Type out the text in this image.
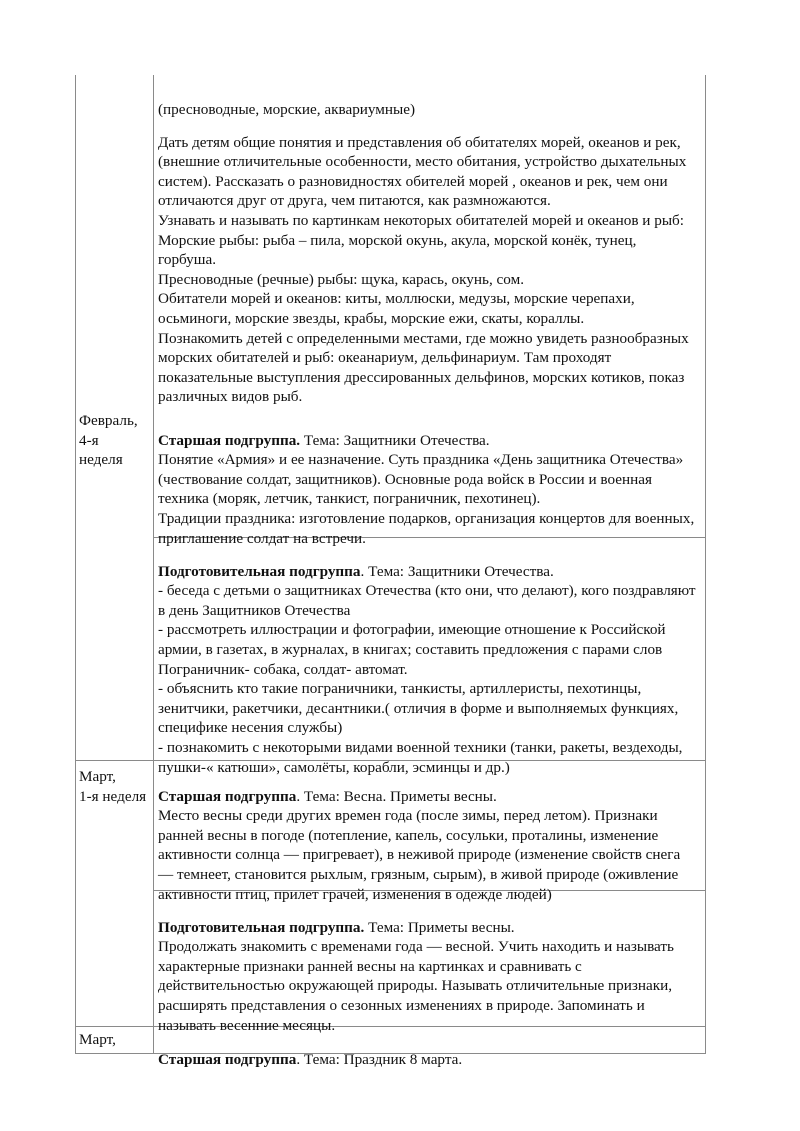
(пресноводные, морские, аквариумные)

Дать детям общие понятия и представления об обитателях морей, океанов и рек, (внешние отличительные особенности, место обитания, устройство дыхательных систем). Рассказать о разновидностях обителей морей , океанов и рек, чем они отличаются друг от друга, чем питаются, как размножаются.
Узнавать и называть по картинкам некоторых обитателей морей и океанов и рыб:
Морские рыбы: рыба – пила, морской окунь, акула, морской конёк, тунец, горбуша.
Пресноводные (речные) рыбы: щука, карась, окунь, сом.
Обитатели морей и океанов: киты, моллюски, медузы, морские черепахи, осьминоги, морские звезды, крабы, морские ежи, скаты, кораллы.
Познакомить детей с определенными местами, где можно увидеть разнообразных морских обитателей и рыб: океанариум, дельфинариум. Там проходят показательные выступления дрессированных дельфинов, морских котиков, показ различных видов рыб.

Февраль,
4-я
неделя

Старшая подгруппа. Тема: Защитники Отечества.
Понятие «Армия» и ее назначение. Суть праздника «День защитника Отечества» (чествование солдат, защитников). Основные рода войск в России и военная техника (моряк, летчик, танкист, пограничник, пехотинец).
Традиции праздника: изготовление подарков, организация концертов для военных, приглашение солдат на встречи.

Подготовительная подгруппа. Тема: Защитники Отечества.
- беседа с детьми о защитниках Отечества (кто они, что делают), кого поздравляют в день Защитников Отечества
- рассмотреть иллюстрации и фотографии, имеющие отношение к Российской армии, в газетах, в журналах, в книгах; составить предложения с парами слов Пограничник- собака, солдат- автомат.
- объяснить кто такие пограничники, танкисты, артиллеристы, пехотинцы, зенитчики, ракетчики, десантники.( отличия в форме и выполняемых функциях, специфике несения службы)
- познакомить с некоторыми видами военной техники (танки, ракеты, вездеходы, пушки-« катюши», самолёты, корабли, эсминцы и др.)

Март,
1-я неделя Старшая подгруппа. Тема: Весна. Приметы весны.
Место весны среди других времен года (после зимы, перед летом). Признаки ранней весны в погоде (потепление, капель, сосульки, проталины, изменение активности солнца — пригревает), в неживой природе (изменение свойств снега — темнеет, становится рыхлым, грязным, сырым), в живой природе (оживление активности птиц, прилет грачей, изменения в одежде людей)

Подготовительная подгруппа. Тема: Приметы весны.
Продолжать знакомить с временами года — весной. Учить находить и называть характерные признаки ранней весны на картинках и сравнивать с действительностью окружающей природы. Называть отличительные признаки, расширять представления о сезонных изменениях в природе. Запоминать и называть весенние месяцы.

Март,

Старшая подгруппа. Тема: Праздник 8 марта.
